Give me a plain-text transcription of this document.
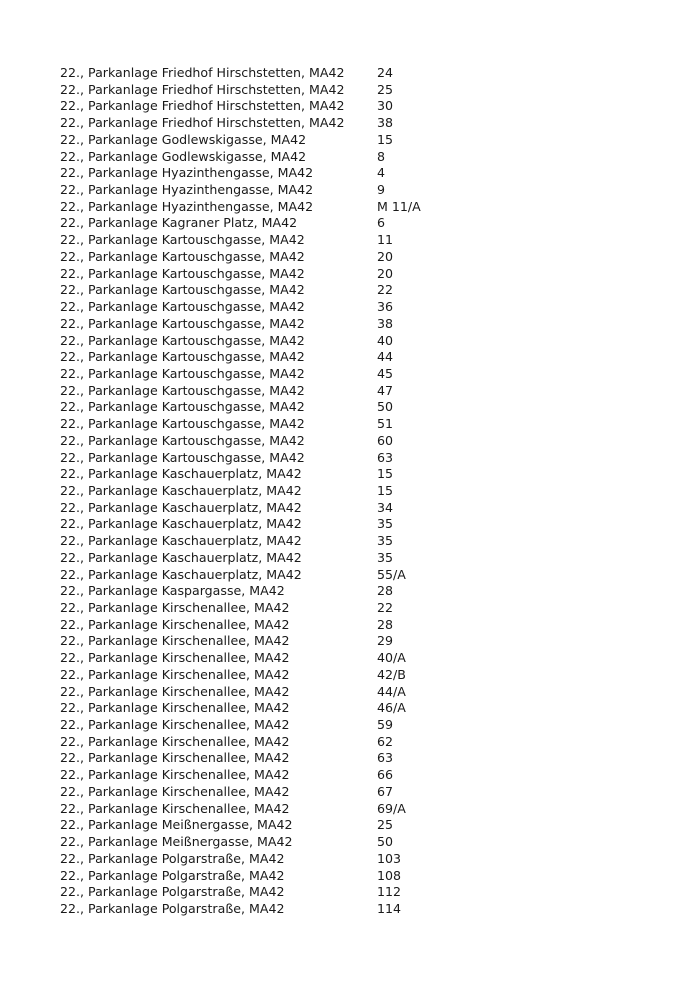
22., Parkanlage Friedhof Hirschstetten, MA42	24
22., Parkanlage Friedhof Hirschstetten, MA42	25
22., Parkanlage Friedhof Hirschstetten, MA42	30
22., Parkanlage Friedhof Hirschstetten, MA42	38
22., Parkanlage Godlewskigasse, MA42	15
22., Parkanlage Godlewskigasse, MA42	8
22., Parkanlage Hyazinthengasse, MA42	4
22., Parkanlage Hyazinthengasse, MA42	9
22., Parkanlage Hyazinthengasse, MA42	M 11/A
22., Parkanlage Kagraner Platz, MA42	6
22., Parkanlage Kartouschgasse, MA42	11
22., Parkanlage Kartouschgasse, MA42	20
22., Parkanlage Kartouschgasse, MA42	20
22., Parkanlage Kartouschgasse, MA42	22
22., Parkanlage Kartouschgasse, MA42	36
22., Parkanlage Kartouschgasse, MA42	38
22., Parkanlage Kartouschgasse, MA42	40
22., Parkanlage Kartouschgasse, MA42	44
22., Parkanlage Kartouschgasse, MA42	45
22., Parkanlage Kartouschgasse, MA42	47
22., Parkanlage Kartouschgasse, MA42	50
22., Parkanlage Kartouschgasse, MA42	51
22., Parkanlage Kartouschgasse, MA42	60
22., Parkanlage Kartouschgasse, MA42	63
22., Parkanlage Kaschauerplatz, MA42	15
22., Parkanlage Kaschauerplatz, MA42	15
22., Parkanlage Kaschauerplatz, MA42	34
22., Parkanlage Kaschauerplatz, MA42	35
22., Parkanlage Kaschauerplatz, MA42	35
22., Parkanlage Kaschauerplatz, MA42	35
22., Parkanlage Kaschauerplatz, MA42	55/A
22., Parkanlage Kaspargasse, MA42	28
22., Parkanlage Kirschenallee, MA42	22
22., Parkanlage Kirschenallee, MA42	28
22., Parkanlage Kirschenallee, MA42	29
22., Parkanlage Kirschenallee, MA42	40/A
22., Parkanlage Kirschenallee, MA42	42/B
22., Parkanlage Kirschenallee, MA42	44/A
22., Parkanlage Kirschenallee, MA42	46/A
22., Parkanlage Kirschenallee, MA42	59
22., Parkanlage Kirschenallee, MA42	62
22., Parkanlage Kirschenallee, MA42	63
22., Parkanlage Kirschenallee, MA42	66
22., Parkanlage Kirschenallee, MA42	67
22., Parkanlage Kirschenallee, MA42	69/A
22., Parkanlage Meißnergasse, MA42	25
22., Parkanlage Meißnergasse, MA42	50
22., Parkanlage Polgarstraße, MA42	103
22., Parkanlage Polgarstraße, MA42	108
22., Parkanlage Polgarstraße, MA42	112
22., Parkanlage Polgarstraße, MA42	114
